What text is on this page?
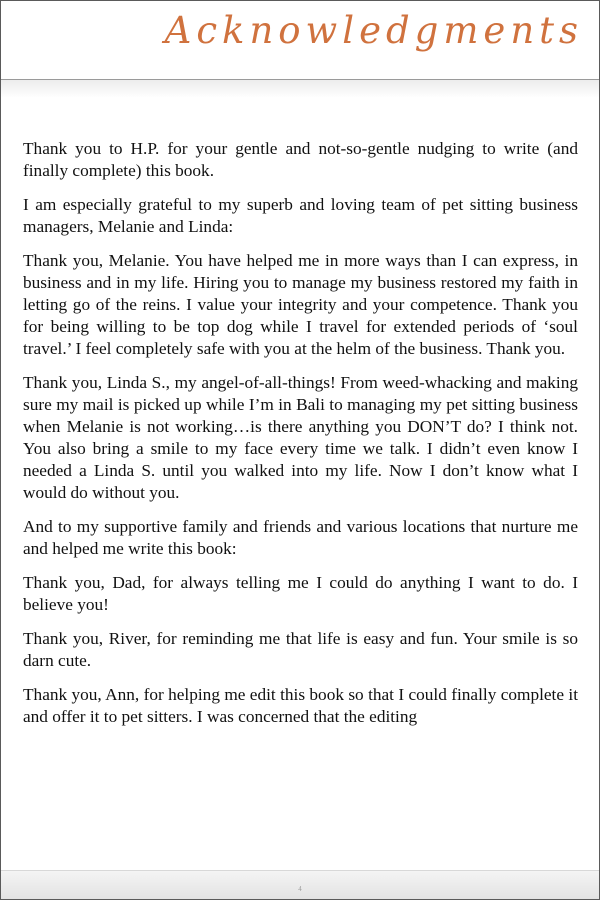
Acknowledgments

Thank you to H.P. for your gentle and not-so-gentle nudging to write (and finally complete) this book.

I am especially grateful to my superb and loving team of pet sitting business managers, Melanie and Linda:

Thank you, Melanie. You have helped me in more ways than I can express, in business and in my life. Hiring you to manage my business restored my faith in letting go of the reins. I value your integrity and your competence. Thank you for being willing to be top dog while I travel for extended periods of ‘soul travel.’ I feel completely safe with you at the helm of the business. Thank you.

Thank you, Linda S., my angel-of-all-things! From weed-whacking and making sure my mail is picked up while I’m in Bali to managing my pet sitting business when Melanie is not working…is there anything you DON’T do? I think not. You also bring a smile to my face every time we talk. I didn’t even know I needed a Linda S. until you walked into my life. Now I don’t know what I would do without you.

And to my supportive family and friends and various locations that nurture me and helped me write this book:

Thank you, Dad, for always telling me I could do anything I want to do. I believe you!

Thank you, River, for reminding me that life is easy and fun. Your smile is so darn cute.

Thank you, Ann, for helping me edit this book so that I could finally complete it and offer it to pet sitters. I was concerned that the editing

4
